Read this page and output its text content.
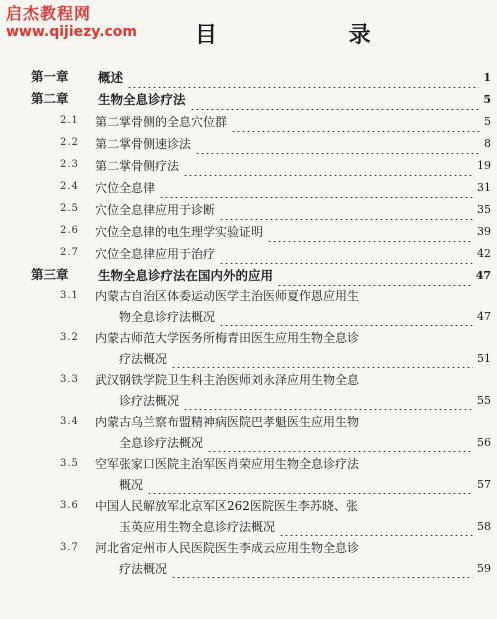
启杰教程网
www.qijiezy.com	目 录
第一章 概述	1
第二章 生物全息诊疗法	5
2.1 第二掌骨侧的全息穴位群	5
2.2 第二掌骨侧速诊法	8
2.3 第二掌骨侧疗法	19
2.4 穴位全息律	31
2.5 穴位全息律应用于诊断	35
2.6 穴位全息律的电生理学实验证明	39
2.7 穴位全息律应用于治疗	42
第三章 生物全息诊疗法在国内外的应用	47
3.1 内蒙古自治区体委运动医学主治医师夏作恩应用生
物全息诊疗法概况	47
3.2 内蒙古师范大学医务所梅青田医生应用生物全息诊
疗法概况	51
3.3 武汉钢铁学院卫生科主治医师刘永泽应用生物全息
诊疗法概况	55
3.4 内蒙古乌兰察布盟精神病医院巴孝魁医生应用生物
全息诊疗法概况	56
3.5 空军张家口医院主治军医肖荣应用生物全息诊疗法
概况	57
3.6 中国人民解放军北京军区262医院医生李苏晓、张
玉英应用生物全息诊疗法概况	58
3.7 河北省定州市人民医院医生李成云应用生物全息诊
疗法概况	59
